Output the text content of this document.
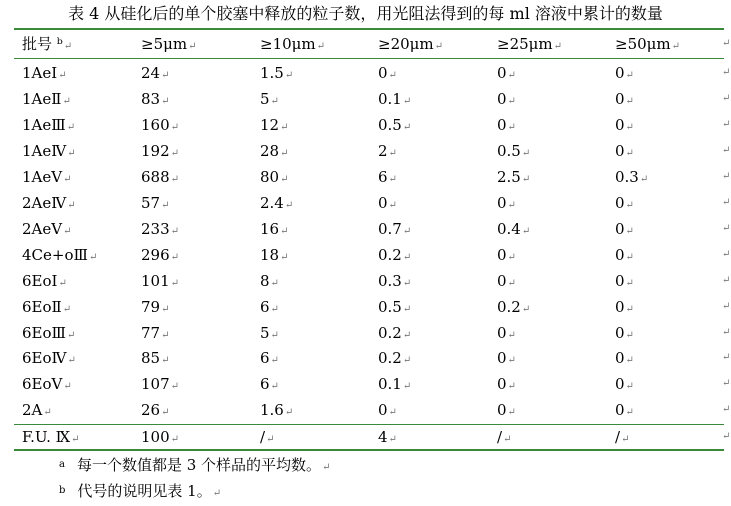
表 4 从硅化后的单个胶塞中释放的粒子数，用光阻法得到的每 ml 溶液中累计的数量
批号 ᵇ↵	≥5μm↵	≥10μm↵	≥20μm↵	≥25μm↵	≥50μm↵	↵
1AeⅠ↵	24↵	1.5↵	0↵	0↵	0↵	↵
1AeⅡ↵	83↵	5↵	0.1↵	0↵	0↵	↵
1AeⅢ↵	160↵	12↵	0.5↵	0↵	0↵	↵
1AeⅣ↵	192↵	28↵	2↵	0.5↵	0↵	↵
1AeⅤ↵	688↵	80↵	6↵	2.5↵	0.3↵	↵
2AeⅣ↵	57↵	2.4↵	0↵	0↵	0↵	↵
2AeⅤ↵	233↵	16↵	0.7↵	0.4↵	0↵	↵
4Ce+oⅢ↵	296↵	18↵	0.2↵	0↵	0↵	↵
6EoⅠ↵	101↵	8↵	0.3↵	0↵	0↵	↵
6EoⅡ↵	79↵	6↵	0.5↵	0.2↵	0↵	↵
6EoⅢ↵	77↵	5↵	0.2↵	0↵	0↵	↵
6EoⅣ↵	85↵	6↵	0.2↵	0↵	0↵	↵
6EoⅤ↵	107↵	6↵	0.1↵	0↵	0↵	↵
2A↵	26↵	1.6↵	0↵	0↵	0↵	↵
F.U. Ⅸ↵	100↵	/↵	4↵	/↵	/↵	↵
$^a$ 每一个数值都是 3 个样品的平均数。↵
$^b$ 代号的说明见表 1。↵
